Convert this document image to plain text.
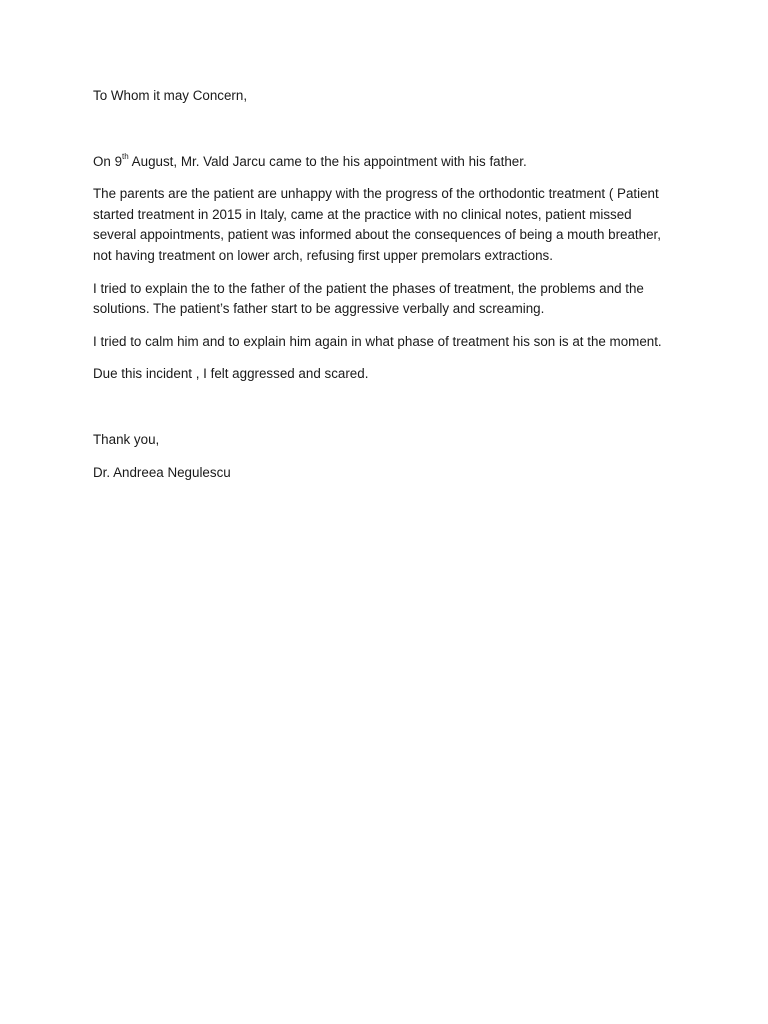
To Whom it may Concern,

On 9th August, Mr. Vald Jarcu came to the his appointment with his father.

The parents are the patient are unhappy with the progress of the orthodontic treatment ( Patient started treatment in 2015 in Italy, came at the practice with no clinical notes, patient missed several appointments, patient was informed about the consequences of being a mouth breather, not having treatment on lower arch, refusing first upper premolars extractions.

I tried to explain the to the father of the patient the phases of treatment, the problems and the solutions. The patient’s father start to be aggressive verbally and screaming.

I tried to calm him and to explain him again in what phase of treatment his son is at the moment.

Due this incident , I felt aggressed and scared.

Thank you,

Dr. Andreea Negulescu
